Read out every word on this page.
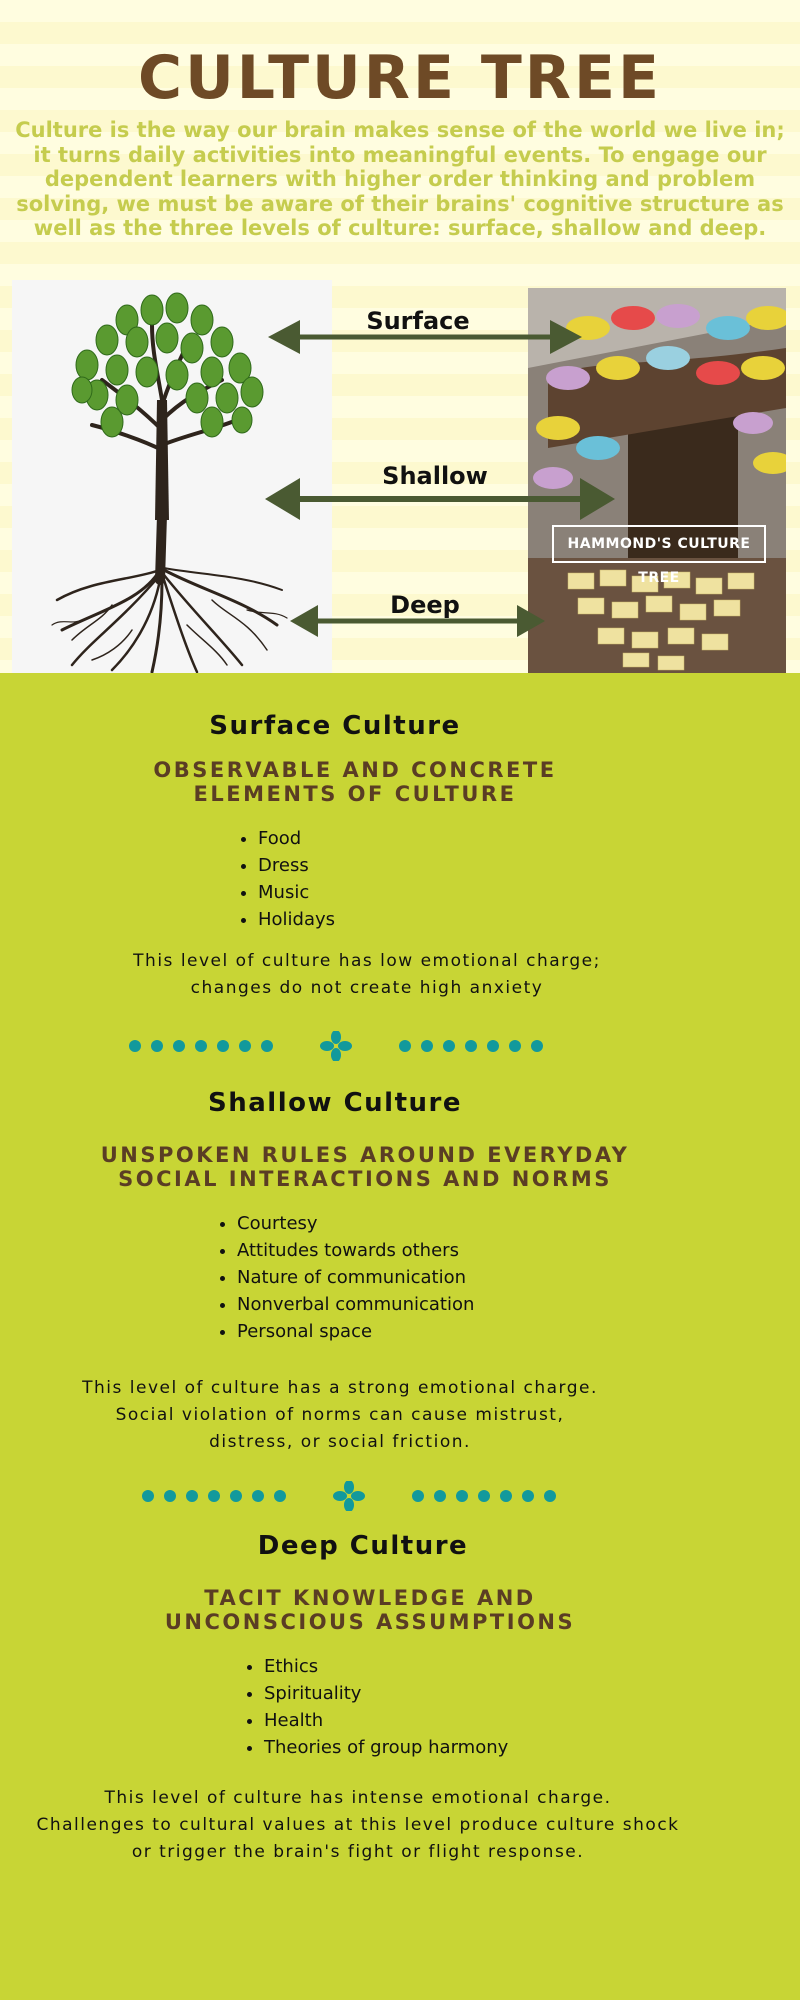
CULTURE TREE
Culture is the way our brain makes sense of the world we live in; it turns daily activities into meaningful events. To engage our dependent learners with higher order thinking and problem solving, we must be aware of their brains' cognitive structure as well as the three levels of culture: surface, shallow and deep.
HAMMOND'S CULTURE TREE
Surface
Shallow
Deep
Surface Culture
OBSERVABLE AND CONCRETE ELEMENTS OF CULTURE
• Food
• Dress
• Music
• Holidays
This level of culture has low emotional charge;
changes do not create high anxiety
Shallow Culture
UNSPOKEN RULES AROUND EVERYDAY SOCIAL INTERACTIONS AND NORMS
• Courtesy
• Attitudes towards others
• Nature of communication
• Nonverbal communication
• Personal space
This level of culture has a strong emotional charge.
Social violation of norms can cause mistrust,
distress, or social friction.
Deep Culture
TACIT KNOWLEDGE AND UNCONSCIOUS ASSUMPTIONS
• Ethics
• Spirituality
• Health
• Theories of group harmony
This level of culture has intense emotional charge.
Challenges to cultural values at this level produce culture shock
or trigger the brain's fight or flight response.
